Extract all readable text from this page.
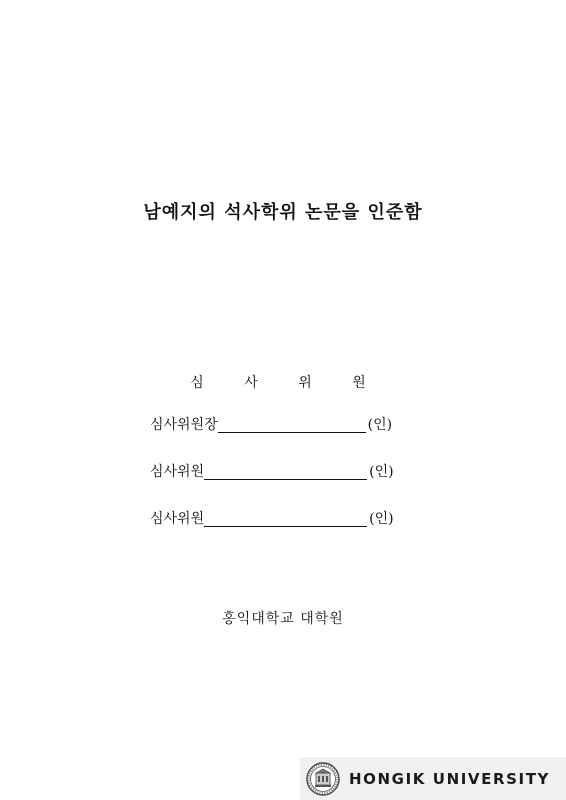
남예지의 석사학위 논문을 인준함
심 사 위 원
심사위원장	(인)
심사위원	(인)
심사위원	(인)
홍익대학교 대학원
HONGIK UNIVERSITY
